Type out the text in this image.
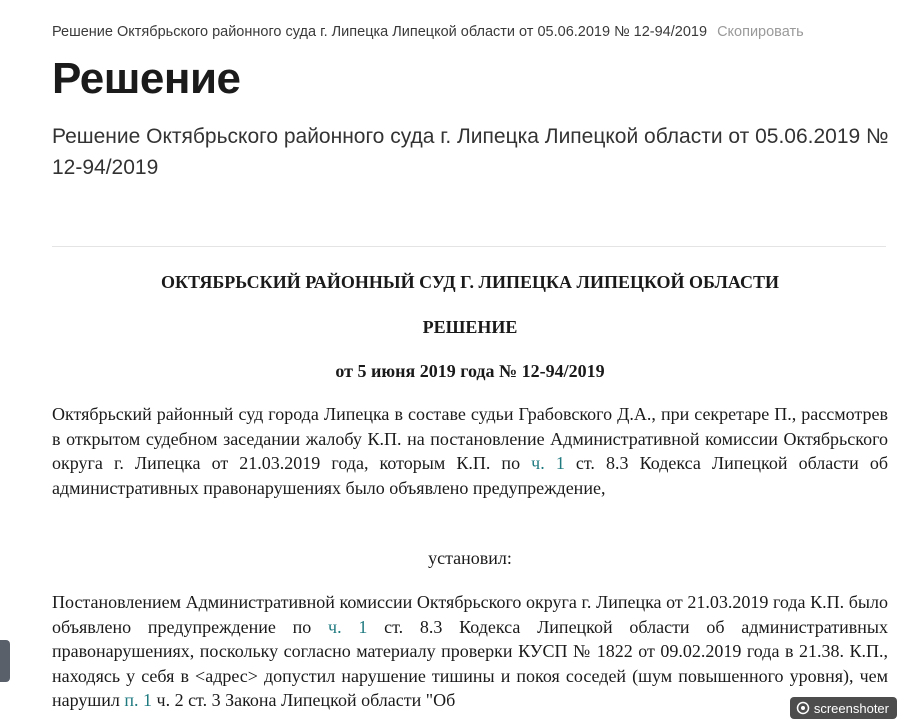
Решение Октябрьского районного суда г. Липецка Липецкой области от 05.06.2019 № 12-94/2019 Скопировать
Решение
Решение Октябрьского районного суда г. Липецка Липецкой области от 05.06.2019 № 12-94/2019

ОКТЯБРЬСКИЙ РАЙОННЫЙ СУД Г. ЛИПЕЦКА ЛИПЕЦКОЙ ОБЛАСТИ

РЕШЕНИЕ

от 5 июня 2019 года № 12-94/2019

Октябрьский районный суд города Липецка в составе судьи Грабовского Д.А., при секретаре П., рассмотрев в открытом судебном заседании жалобу К.П. на постановление Административной комиссии Октябрьского округа г. Липецка от 21.03.2019 года, которым К.П. по ч. 1 ст. 8.3 Кодекса Липецкой области об административных правонарушениях было объявлено предупреждение,

установил:

Постановлением Административной комиссии Октябрьского округа г. Липецка от 21.03.2019 года К.П. было объявлено предупреждение по ч. 1 ст. 8.3 Кодекса Липецкой области об административных правонарушениях, поскольку согласно материалу проверки КУСП № 1822 от 09.02.2019 года в 21.38. К.П., находясь у себя в <адрес> допустил нарушение тишины и покоя соседей (шум повышенного уровня), чем нарушил п. 1 ч. 2 ст. 3 Закона Липецкой области "Об	screenshoter
